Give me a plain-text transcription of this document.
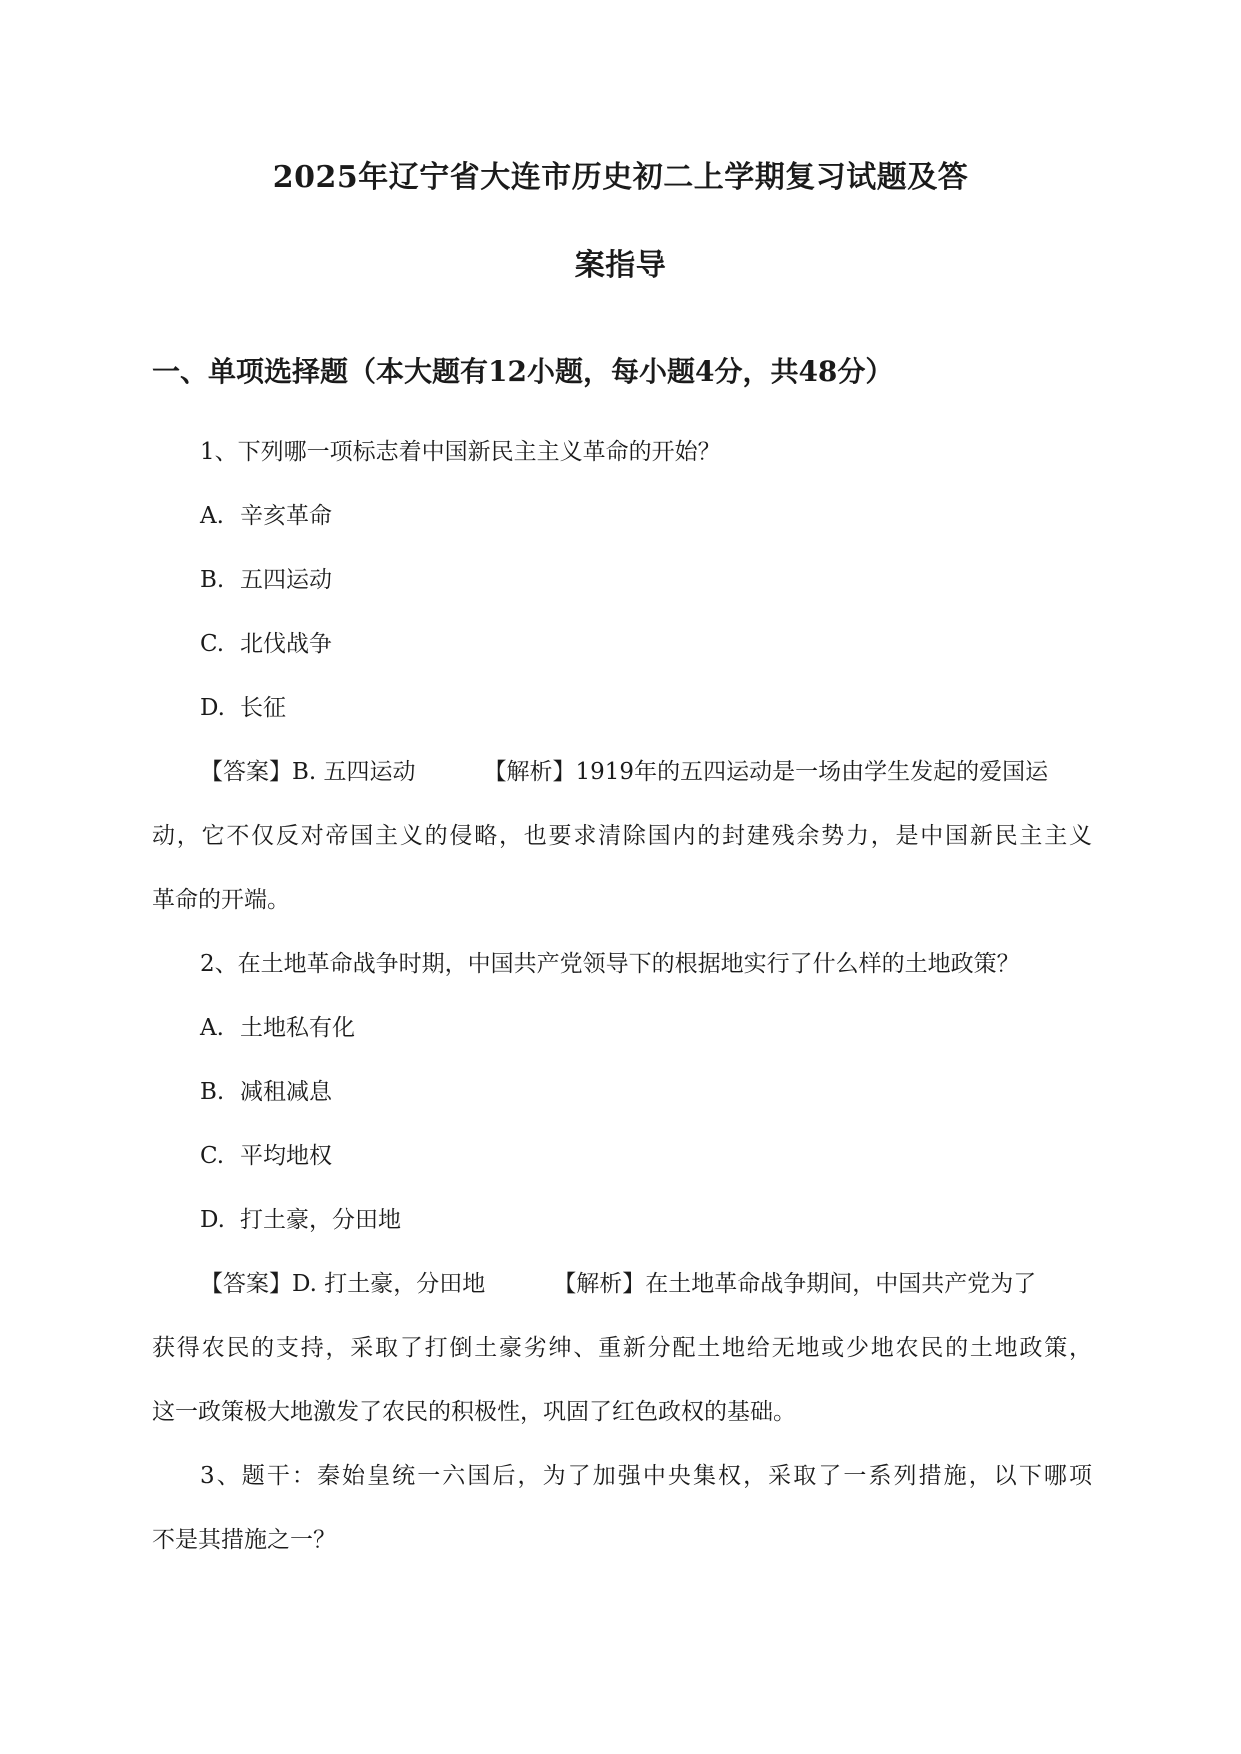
2025年辽宁省大连市历史初二上学期复习试题及答
案指导
一、单项选择题（本大题有12小题，每小题4分，共48分）
1、下列哪一项标志着中国新民主主义革命的开始？
A. 辛亥革命
B. 五四运动
C. 北伐战争
D. 长征
【答案】B. 五四运动	【解析】1919年的五四运动是一场由学生发起的爱国运
动，它不仅反对帝国主义的侵略，也要求清除国内的封建残余势力，是中国新民主主义
革命的开端。
2、在土地革命战争时期，中国共产党领导下的根据地实行了什么样的土地政策？
A. 土地私有化
B. 减租减息
C. 平均地权
D. 打土豪，分田地
【答案】D. 打土豪，分田地	【解析】在土地革命战争期间，中国共产党为了
获得农民的支持，采取了打倒土豪劣绅、重新分配土地给无地或少地农民的土地政策，
这一政策极大地激发了农民的积极性，巩固了红色政权的基础。
3、题干：秦始皇统一六国后，为了加强中央集权，采取了一系列措施，以下哪项
不是其措施之一？
